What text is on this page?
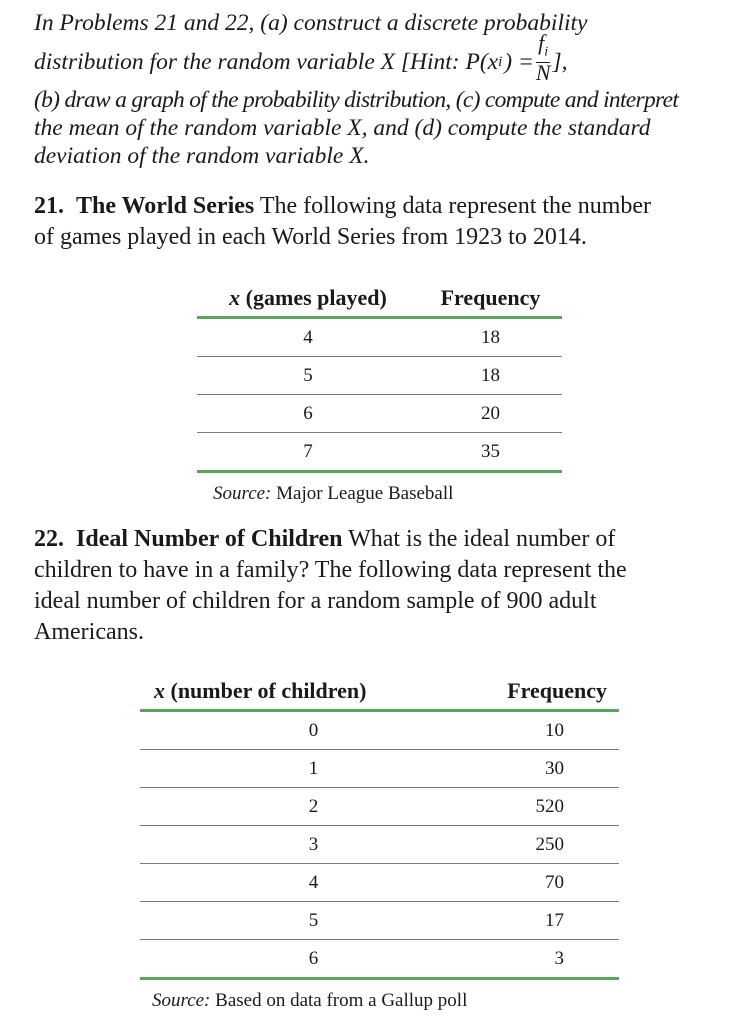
In Problems 21 and 22, (a) construct a discrete probability
distribution for the random variable X [Hint: P(x i ) = $\frac{f_i}{N}$ ],
(b) draw a graph of the probability distribution, (c) compute and interpret
the mean of the random variable X, and (d) compute the standard
deviation of the random variable X.
21. The World Series The following data represent the number
of games played in each World Series from 1923 to 2014.
x (games played)	Frequency
4	18
5	18
6	20
7	35
Source: Major League Baseball
22. Ideal Number of Children What is the ideal number of
children to have in a family? The following data represent the
ideal number of children for a random sample of 900 adult
Americans.
x (number of children)	Frequency
0	10
1	30
2	520
3	250
4	70
5	17
6	3
Source: Based on data from a Gallup poll
